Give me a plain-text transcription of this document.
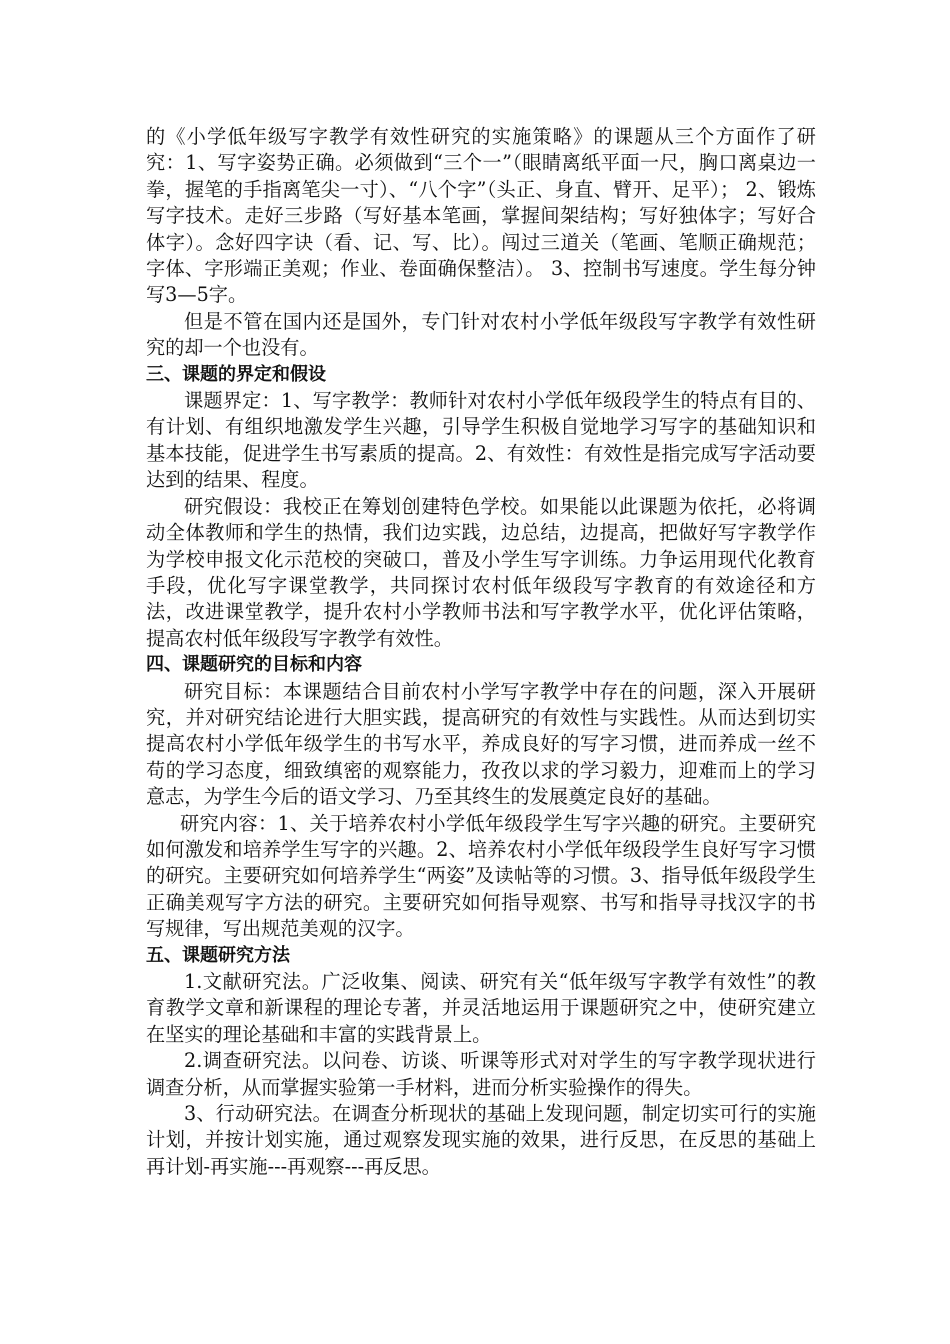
的《小学低年级写字教学有效性研究的实施策略》的课题从三个方面作了研究：1、写字姿势正确。必须做到“三个一”（眼睛离纸平面一尺，胸口离桌边一拳，握笔的手指离笔尖一寸）、“八个字”（头正、身直、臂开、足平）； 2、锻炼写字技术。走好三步路（写好基本笔画，掌握间架结构；写好独体字；写好合体字）。念好四字诀（看、记、写、比）。闯过三道关（笔画、笔顺正确规范；字体、字形端正美观；作业、卷面确保整洁）。 3、控制书写速度。学生每分钟写3—5字。

但是不管在国内还是国外，专门针对农村小学低年级段写字教学有效性研究的却一个也没有。

三、课题的界定和假设

课题界定：1、写字教学：教师针对农村小学低年级段学生的特点有目的、有计划、有组织地激发学生兴趣，引导学生积极自觉地学习写字的基础知识和基本技能，促进学生书写素质的提高。2、有效性：有效性是指完成写字活动要达到的结果、程度。

研究假设：我校正在筹划创建特色学校。如果能以此课题为依托，必将调动全体教师和学生的热情，我们边实践，边总结，边提高，把做好写字教学作为学校申报文化示范校的突破口，普及小学生写字训练。力争运用现代化教育手段，优化写字课堂教学，共同探讨农村低年级段写字教育的有效途径和方法，改进课堂教学，提升农村小学教师书法和写字教学水平，优化评估策略，提高农村低年级段写字教学有效性。

四、课题研究的目标和内容

研究目标：本课题结合目前农村小学写字教学中存在的问题，深入开展研究，并对研究结论进行大胆实践，提高研究的有效性与实践性。从而达到切实提高农村小学低年级学生的书写水平，养成良好的写字习惯，进而养成一丝不苟的学习态度，细致缜密的观察能力，孜孜以求的学习毅力，迎难而上的学习意志，为学生今后的语文学习、乃至其终生的发展奠定良好的基础。

研究内容：1、关于培养农村小学低年级段学生写字兴趣的研究。主要研究如何激发和培养学生写字的兴趣。2、培养农村小学低年级段学生良好写字习惯的研究。主要研究如何培养学生“两姿”及读帖等的习惯。3、指导低年级段学生正确美观写字方法的研究。主要研究如何指导观察、书写和指导寻找汉字的书写规律，写出规范美观的汉字。

五、课题研究方法

1.文献研究法。广泛收集、阅读、研究有关“低年级写字教学有效性”的教育教学文章和新课程的理论专著，并灵活地运用于课题研究之中，使研究建立在坚实的理论基础和丰富的实践背景上。

2.调查研究法。以问卷、访谈、听课等形式对对学生的写字教学现状进行调查分析，从而掌握实验第一手材料，进而分析实验操作的得失。

3、行动研究法。在调查分析现状的基础上发现问题，制定切实可行的实施计划，并按计划实施，通过观察发现实施的效果，进行反思，在反思的基础上再计划-再实施---再观察---再反思。
